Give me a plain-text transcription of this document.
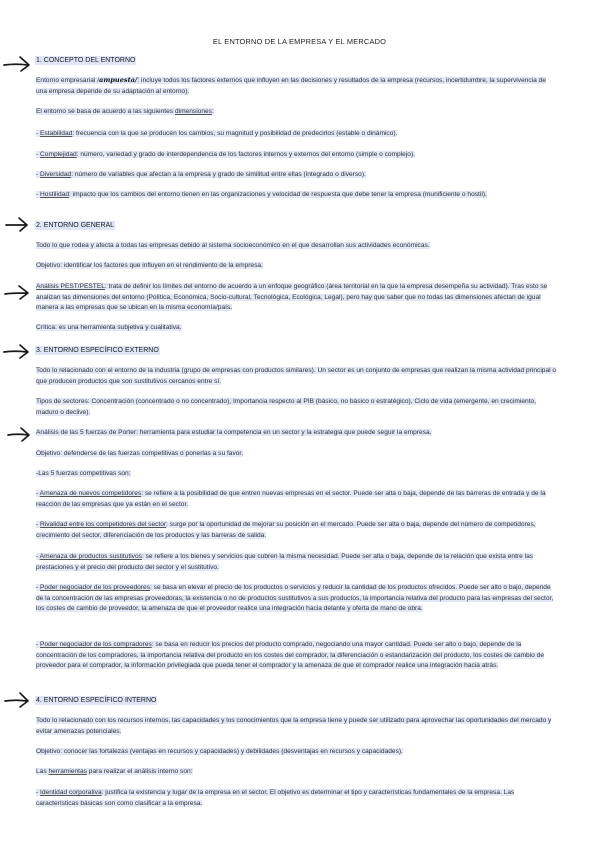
EL ENTORNO DE LA EMPRESA Y EL MERCADO
1. CONCEPTO DEL ENTORNO
Entorno empresarial /ampuesta/: incluye todos los factores externos que influyen en las decisiones y resultados de la empresa (recursos, incertidumbre, la supervivencia de una empresa depende de su adaptación al entorno).
El entorno se basa de acuerdo a las siguientes dimensiones:
- Estabilidad: frecuencia con la que se producen los cambios, su magnitud y posibilidad de predecirlos (estable o dinámico).
- Complejidad: número, variedad y grado de interdependencia de los factores internos y externos del entorno (simple o complejo).
- Diversidad: número de variables que afectan a la empresa y grado de similitud entre ellas (integrado o diverso).
- Hostilidad: impacto que los cambios del entorno tienen en las organizaciones y velocidad de respuesta que debe tener la empresa (munificiente o hostil).
2. ENTORNO GENERAL
Todo lo que rodea y afecta a todas las empresas debido al sistema socioeconómico en el que desarrollan sus actividades económicas.
Objetivo: identificar los factores que influyen en el rendimiento de la empresa.
Análisis PEST/PESTEL: trata de definir los límites del entorno de acuerdo a un enfoque geográfico (área territorial en la que la empresa desempeña su actividad). Tras esto se analizan las dimensiones del entorno (Política, Económica, Socio-cultural, Tecnológica, Ecológica, Legal), pero hay que saber que no todas las dimensiones afectan de igual manera a las empresas que se ubican en la misma economía/país.
Crítica: es una herramienta subjetiva y cualitativa.
3. ENTORNO ESPECÍFICO EXTERNO
Todo lo relacionado con el entorno de la industria (grupo de empresas con productos similares). Un sector es un conjunto de empresas que realizan la misma actividad principal o que producen productos que son sustitutivos cercanos entre sí.
Tipos de sectores: Concentración (concentrado o no concentrado), Importancia respecto al PIB (básico, no básico o estratégico), Ciclo de vida (emergente, en crecimiento, maduro o declive).
Análisis de las 5 fuerzas de Porter: herramienta para estudiar la competencia en un sector y la estrategia que puede seguir la empresa.
Objetivo: defenderse de las fuerzas competitivas o ponerlas a su favor.
-Las 5 fuerzas competitivas son:
- Amenaza de nuevos competidores: se refiere a la posibilidad de que entren nuevas empresas en el sector. Puede ser alta o baja, depende de las barreras de entrada y de la reacción de las empresas que ya están en el sector.
- Rivalidad entre los competidores del sector: surge por la oportunidad de mejorar su posición en el mercado. Puede ser alta o baja, depende del número de competidores, crecimiento del sector, diferenciación de los productos y las barreras de salida.
- Amenaza de productos sustitutivos: se refiere a los bienes y servicios que cubren la misma necesidad. Puede ser alta o baja, depende de la relación que exista entre las prestaciones y el precio del producto del sector y el sustitutivo.
- Poder negociador de los proveedores: se basa en elevar el precio de los productos o servicios y reducir la cantidad de los productos ofrecidos. Puede ser alto o bajo, depende de la concentración de las empresas proveedoras, la existencia o no de productos sustitutivos a sus productos, la importancia relativa del producto para las empresas del sector, los costes de cambio de proveedor, la amenaza de que el proveedor realice una integración hacia delante y oferta de mano de obra.
- Poder negociador de los compradores: se basa en reducir los precios del producto comprado, negociando una mayor cantidad. Puede ser alto o bajo, depende de la concentración de los compradores, la importancia relativa del producto en los costes del comprador, la diferenciación o estandarización del producto, los costes de cambio de proveedor para el comprador, la información privilegiada que pueda tener el comprador y la amenaza de que el comprador realice una integración hacia atrás.
4. ENTORNO ESPECÍFICO INTERNO
Todo lo relacionado con los recursos internos, las capacidades y los conocimientos que la empresa tiene y puede ser utilizado para aprovechar las oportunidades del mercado y evitar amenazas potenciales.
Objetivo: conocer las fortalezas (ventajas en recursos y capacidades) y debilidades (desventajas en recursos y capacidades).
Las herramientas para realizar el análisis interno son:
- Identidad corporativa: justifica la existencia y lugar de la empresa en el sector. El objetivo es determinar el tipo y características fundamentales de la empresa. Las características básicas son como clasificar a la empresa.
